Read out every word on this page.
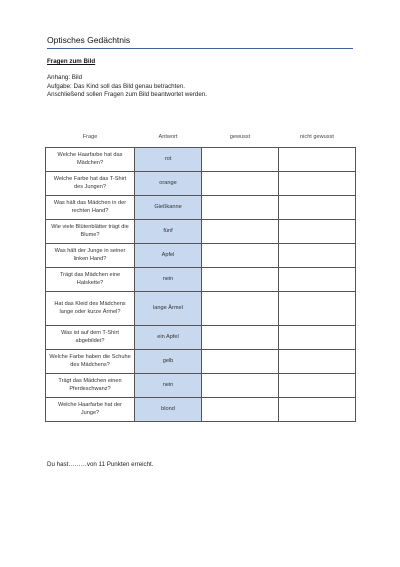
Optisches Gedächtnis
Fragen zum Bild
Anhang: Bild
Aufgabe: Das Kind soll das Bild genau betrachten.
Anschließend sollen Fragen zum Bild beantwortet werden.
Frage	Antwort	gewusst	nicht gewusst
Welche Haarfarbe hat das Mädchen?	rot		
Welche Farbe hat das T-Shirt des Jungen?	orange		
Was hält das Mädchen in der rechten Hand?	Gießkanne		
Wie viele Blütenblätter trägt die Blume?	fünf		
Was hält der Junge in seiner linken Hand?	Apfel		
Trägt das Mädchen eine Halskette?	nein		
Hat das Kleid des Mädchens lange oder kurze Ärmel?	lange Ärmel		
Was ist auf dem T-Shirt abgebildet?	ein Apfel		
Welche Farbe haben die Schuhe des Mädchens?	gelb		
Trägt das Mädchen einen Pferdeschwanz?	nein		
Welche Haarfarbe hat der Junge?	blond		
Du hast………von 11 Punkten erreicht.
